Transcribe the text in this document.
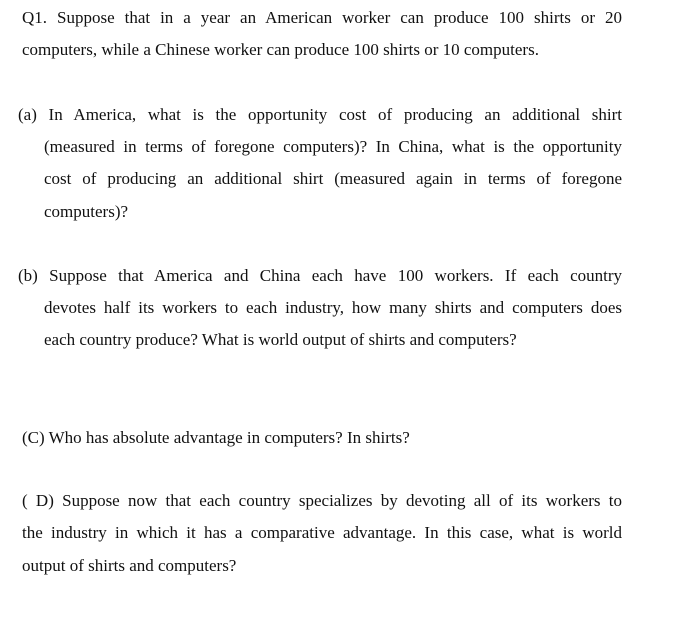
Q1. Suppose that in a year an American worker can produce 100 shirts or 20
computers, while a Chinese worker can produce 100 shirts or 10 computers.
(a) In America, what is the opportunity cost of producing an additional shirt
(measured in terms of foregone computers)? In China, what is the opportunity
cost of producing an additional shirt (measured again in terms of foregone
computers)?
(b) Suppose that America and China each have 100 workers. If each country
devotes half its workers to each industry, how many shirts and computers does
each country produce? What is world output of shirts and computers?
(C) Who has absolute advantage in computers? In shirts?
( D) Suppose now that each country specializes by devoting all of its workers to
the industry in which it has a comparative advantage. In this case, what is world
output of shirts and computers?
